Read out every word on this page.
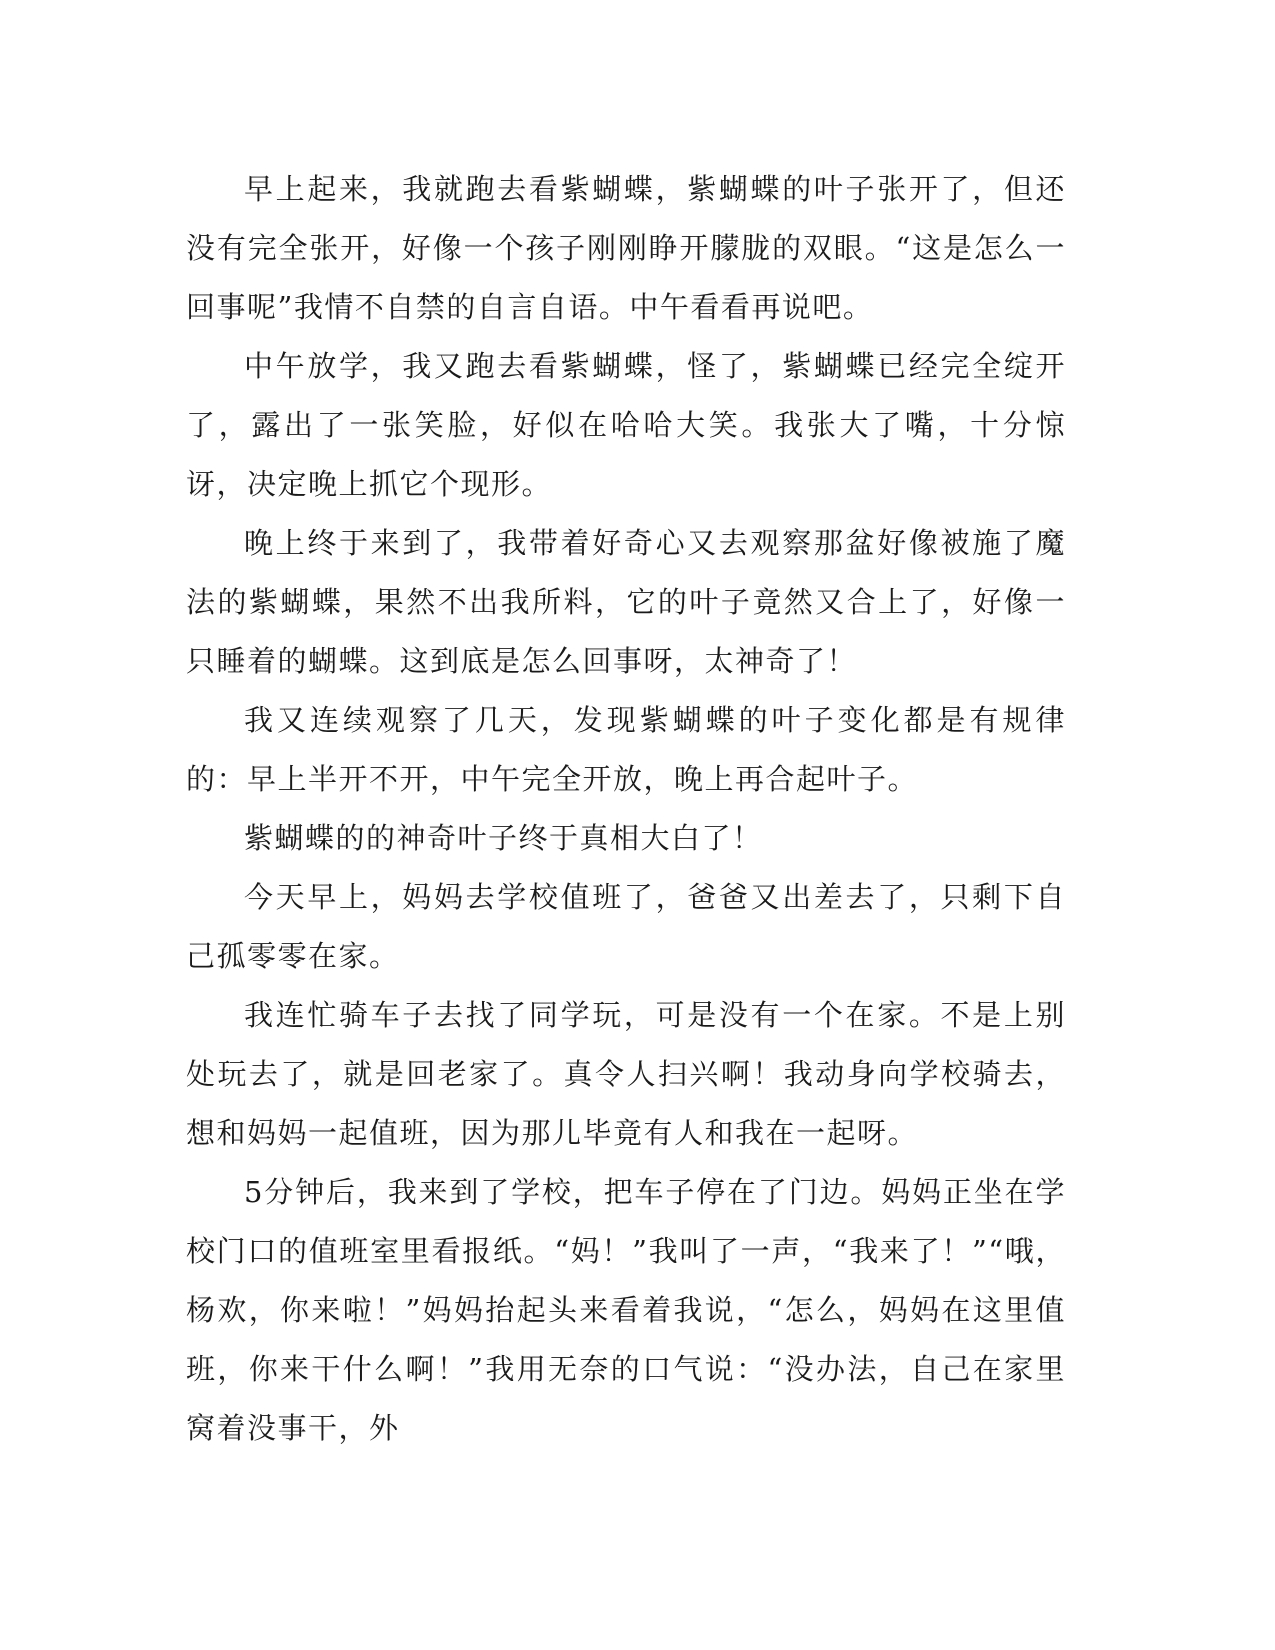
早上起来，我就跑去看紫蝴蝶，紫蝴蝶的叶子张开了，但还没有完全张开，好像一个孩子刚刚睁开朦胧的双眼。“这是怎么一回事呢”我情不自禁的自言自语。中午看看再说吧。

中午放学，我又跑去看紫蝴蝶，怪了，紫蝴蝶已经完全绽开了，露出了一张笑脸，好似在哈哈大笑。我张大了嘴，十分惊讶，决定晚上抓它个现形。

晚上终于来到了，我带着好奇心又去观察那盆好像被施了魔法的紫蝴蝶，果然不出我所料，它的叶子竟然又合上了，好像一只睡着的蝴蝶。这到底是怎么回事呀，太神奇了！

我又连续观察了几天，发现紫蝴蝶的叶子变化都是有规律的：早上半开不开，中午完全开放，晚上再合起叶子。

紫蝴蝶的的神奇叶子终于真相大白了！

今天早上，妈妈去学校值班了，爸爸又出差去了，只剩下自己孤零零在家。

我连忙骑车子去找了同学玩，可是没有一个在家。不是上别处玩去了，就是回老家了。真令人扫兴啊！我动身向学校骑去，想和妈妈一起值班，因为那儿毕竟有人和我在一起呀。

5分钟后，我来到了学校，把车子停在了门边。妈妈正坐在学校门口的值班室里看报纸。“妈！”我叫了一声，“我来了！”“哦，杨欢，你来啦！”妈妈抬起头来看着我说，“怎么，妈妈在这里值班，你来干什么啊！”我用无奈的口气说：“没办法，自己在家里窝着没事干，外
